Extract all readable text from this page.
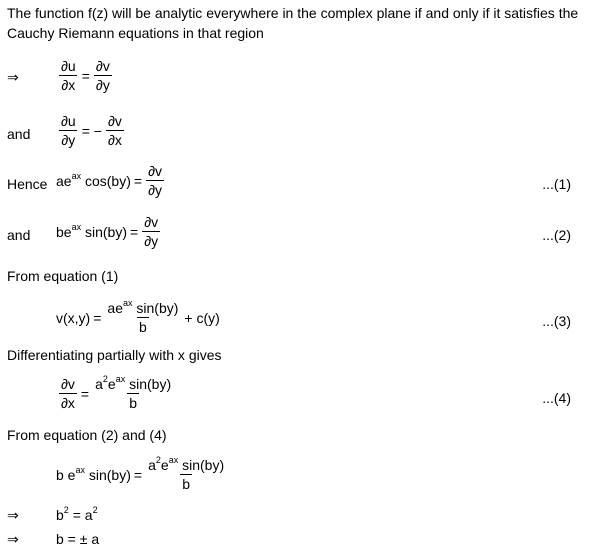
The function f(z) will be analytic everywhere in the complex plane if and only if it satisfies the Cauchy Riemann equations in that region
⇒	$\frac{\partial u}{\partial x} = \frac{\partial v}{\partial y}$
and $\frac{\partial u}{\partial y}$ = − $\frac{\partial v}{\partial x}$
Hence $ae^{ax}$ $\cos(by) = \frac{\partial v}{\partial y}$	...(1)
and $be^{ax}$ $\sin(by) = \frac{\partial v}{\partial y}$	...(2)
From equation (1)
$v(x,y) = \frac{ae^{ax} \sin(by)}{b} + c(y)$	...(3)
Differentiating partially with x gives
$\frac{\partial v}{\partial x} = \frac{a^2e^{ax} \sin(by)}{b}$	...(4)
From equation (2) and (4)
b $e^{ax}$ $\sin(by) = \frac{a^2e^{ax} \sin(by)}{b}$
⇒	$b^2 = a^2$
⇒	b = ± a
